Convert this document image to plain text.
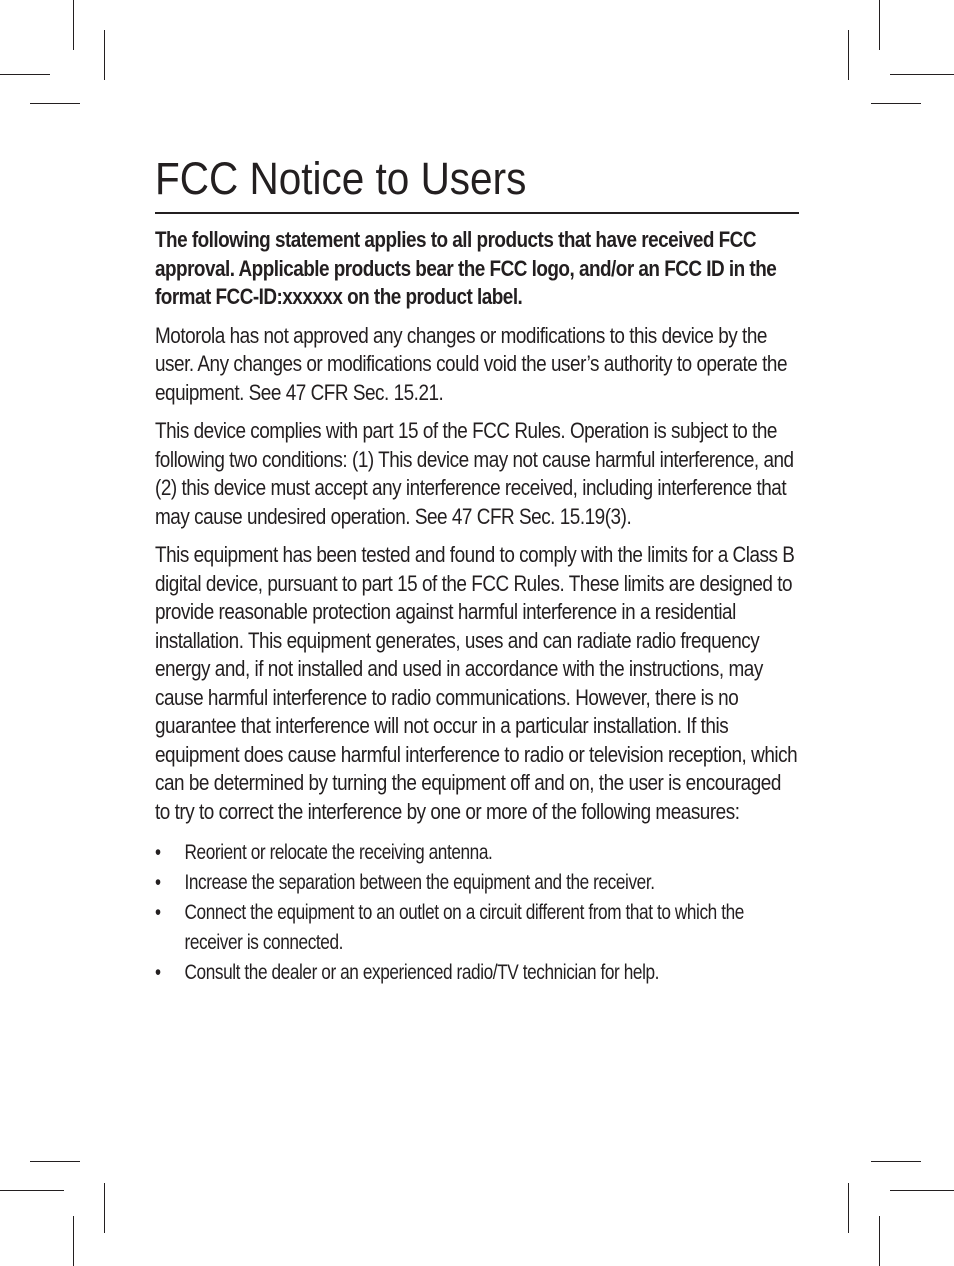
FCC Notice to Users

The following statement applies to all products that have received FCC approval. Applicable products bear the FCC logo, and/or an FCC ID in the format FCC-ID:xxxxxx on the product label.

Motorola has not approved any changes or modifications to this device by the user. Any changes or modifications could void the user’s authority to operate the equipment. See 47 CFR Sec. 15.21.

This device complies with part 15 of the FCC Rules. Operation is subject to the following two conditions: (1) This device may not cause harmful interference, and (2) this device must accept any interference received, including interference that may cause undesired operation. See 47 CFR Sec. 15.19(3).

This equipment has been tested and found to comply with the limits for a Class B digital device, pursuant to part 15 of the FCC Rules. These limits are designed to provide reasonable protection against harmful interference in a residential installation. This equipment generates, uses and can radiate radio frequency energy and, if not installed and used in accordance with the instructions, may cause harmful interference to radio communications. However, there is no guarantee that interference will not occur in a particular installation. If this equipment does cause harmful interference to radio or television reception, which can be determined by turning the equipment off and on, the user is encouraged to try to correct the interference by one or more of the following measures:

• Reorient or relocate the receiving antenna.
• Increase the separation between the equipment and the receiver.
• Connect the equipment to an outlet on a circuit different from that to which the receiver is connected.
• Consult the dealer or an experienced radio/TV technician for help.
